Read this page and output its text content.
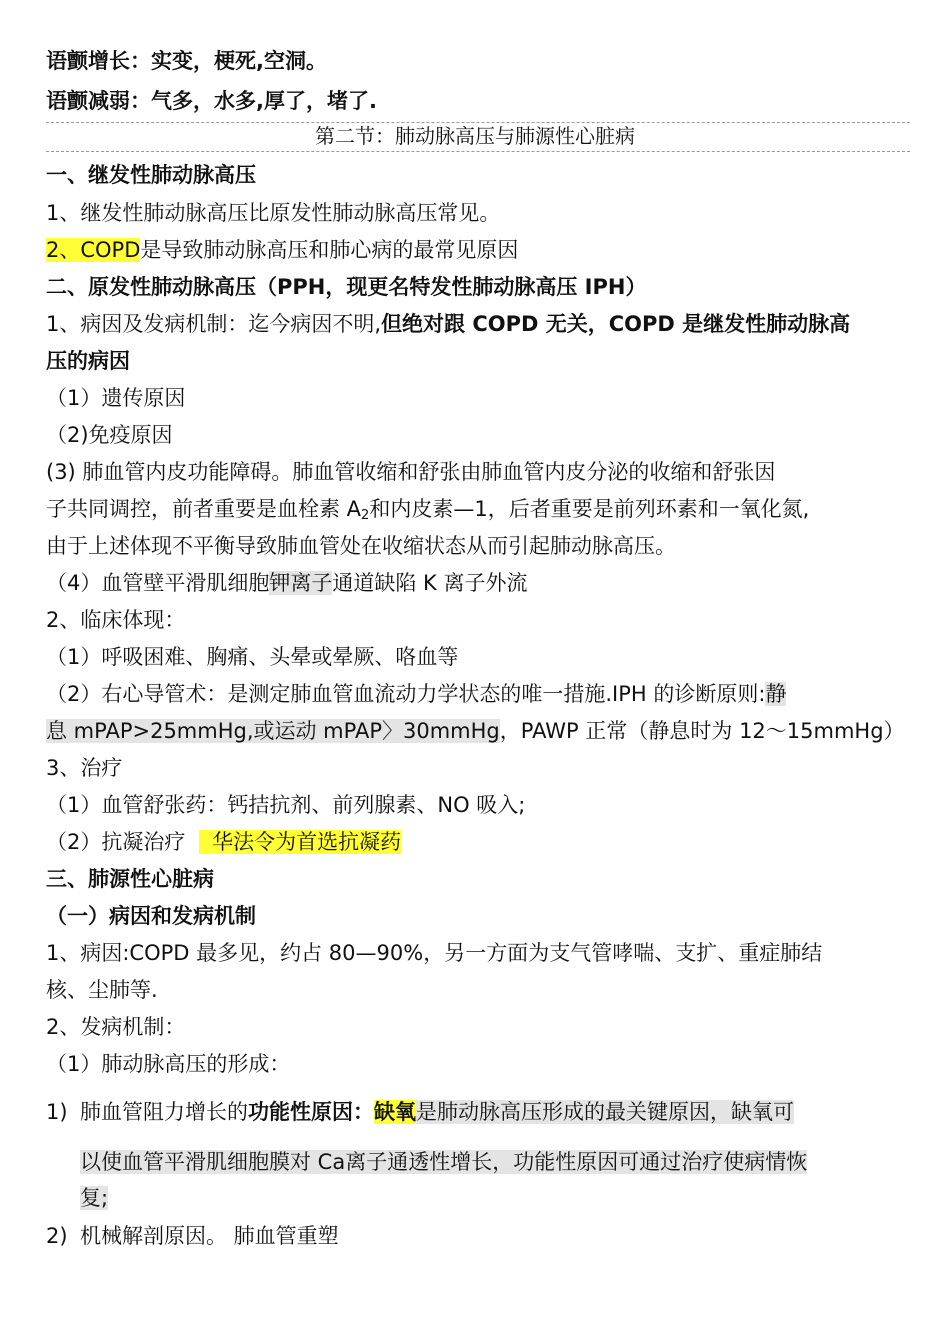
语颤增长：实变，梗死,空洞。
语颤减弱：气多，水多,厚了，堵了.
第二节：肺动脉高压与肺源性心脏病
一、继发性肺动脉高压
1、继发性肺动脉高压比原发性肺动脉高压常见。
2、COPD是导致肺动脉高压和肺心病的最常见原因
二、原发性肺动脉高压（PPH，现更名特发性肺动脉高压 IPH）
1、病因及发病机制：迄今病因不明,但绝对跟 COPD 无关，COPD 是继发性肺动脉高
压的病因
（1）遗传原因
（2)免疫原因
(3) 肺血管内皮功能障碍。肺血管收缩和舒张由肺血管内皮分泌的收缩和舒张因
子共同调控，前者重要是血栓素 $A_2$和内皮素—1，后者重要是前列环素和一氧化氮,
由于上述体现不平衡导致肺血管处在收缩状态从而引起肺动脉高压。
（4）血管壁平滑肌细胞钾离子通道缺陷 K 离子外流
2、临床体现：
（1）呼吸困难、胸痛、头晕或晕厥、咯血等
（2）右心导管术：是测定肺血管血流动力学状态的唯一措施.IPH 的诊断原则:静
息 mPAP>25mmHg,或运动 mPAP〉30mmHg，PAWP 正常（静息时为 12～15mmHg）
3、治疗
（1）血管舒张药：钙拮抗剂、前列腺素、NO 吸入;
（2）抗凝治疗    华法令为首选抗凝药
三、肺源性心脏病
（一）病因和发病机制
1、病因:COPD 最多见，约占 80—90%，另一方面为支气管哮喘、支扩、重症肺结
核、尘肺等.
2、发病机制：
（1）肺动脉高压的形成：
1) 肺血管阻力增长的功能性原因：缺氧是肺动脉高压形成的最关键原因，缺氧可
以使血管平滑肌细胞膜对 Ca离子通透性增长，功能性原因可通过治疗使病情恢
复;
2) 机械解剖原因。 肺血管重塑
